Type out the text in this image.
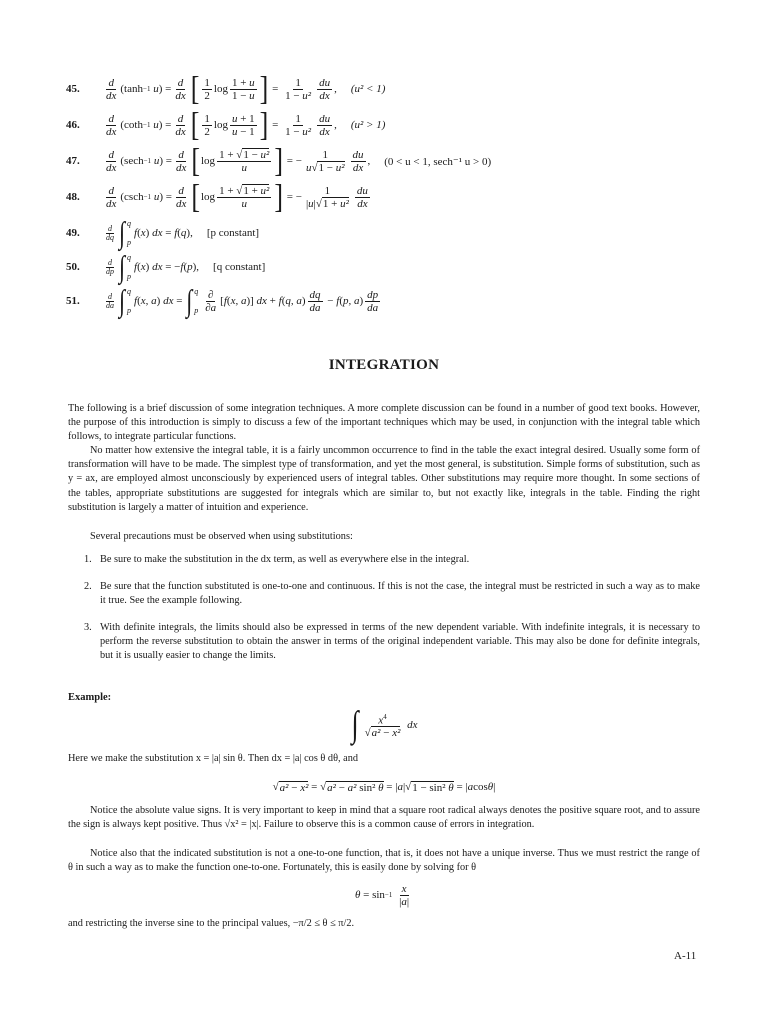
45. $\frac{d}{dx} (\tanh -1$ u ) = $\frac{d}{dx}$ [ $\frac{1}{2}$ $\log \frac{1 + u}{1 - u}$ ] = $\frac{1}{\text{1 − u²}} \frac{du}{dx}$ , (u² < 1)
46. $\frac{d}{dx} (\cot h -1$ u ) = $\frac{d}{dx}$ [ $\frac{1}{2}$ $\log \frac{u + 1}{u - 1}$ ] = $\frac{1}{\text{1 − u²}} \frac{du}{dx}$ , (u² > 1)
47. $\frac{d}{dx} (\sec h -1$ u ) = $\frac{d}{dx}$ [ $\log \frac{\text{1 + √1 − u²}}{u}$ ] = − $\frac{1}{\text{u√1 − u²}} \frac{du}{dx}$ , (0 < u < 1, sech⁻¹ u > 0)
48. $\frac{d}{dx} (\csc h -1$ u ) = $\frac{d}{dx}$ [ $\log \frac{\text{1 + √1 + u²}}{u}$ ] = − $\frac{1}{\text{|u|√1 + u²}} \frac{du}{dx}$
49.	$\frac{d}{dq}$ ∫ q
p
f ( x ) dx = f ( q ), [p constant]
50.	$\frac{d}{dp}$ ∫ q
p
f ( x ) dx = − f ( p ), [q constant]
51.	$\frac{d}{da}$ ∫ q
p
f ( x, a ) dx = ∫ q
p $\frac{\partial}{\partial a}$ [ f ( x, a )] dx + f ( q, a ) $\frac{dq}{da} - f$ ( p, a ) $\frac{dp}{da}$
INTEGRATION
The following is a brief discussion of some integration techniques. A more complete discussion can be found in a number of good text books. However, the purpose of this introduction is simply to discuss a few of the important techniques which may be used, in conjunction with the integral table which follows, to integrate particular functions.
No matter how extensive the integral table, it is a fairly uncommon occurrence to find in the table the exact integral desired. Usually some form of transformation will have to be made. The simplest type of transformation, and yet the most general, is substitution. Simple forms of substitution, such as y = ax, are employed almost unconsciously by experienced users of integral tables. Other substitutions may require more thought. In some sections of the tables, appropriate substitutions are suggested for integrals which are similar to, but not exactly like, integrals in the table. Finding the right substitution is largely a matter of intuition and experience.
Several precautions must be observed when using substitutions:
1. Be sure to make the substitution in the dx term, as well as everywhere else in the integral.
2. Be sure that the function substituted is one-to-one and continuous. If this is not the case, the integral must be restricted in such a way as to make it true. See the example following.
3. With definite integrals, the limits should also be expressed in terms of the new dependent variable. With indefinite integrals, it is necessary to perform the reverse substitution to obtain the answer in terms of the original independent variable. This may also be done for definite integrals, but it is usually easier to change the limits.
Example:
∫ $\frac{x^4}{\text{√a² − x²}}$ dx
Here we make the substitution x = |a| sin θ. Then dx = |a| cos θ dθ, and
√ a² − x² = √ a² − a² sin² θ = | a |√ 1 − sin² θ = | a cos θ |
Notice the absolute value signs. It is very important to keep in mind that a square root radical always denotes the positive square root, and to assure the sign is always kept positive. Thus √x² = |x|. Failure to observe this is a common cause of errors in integration.
Notice also that the indicated substitution is not a one-to-one function, that is, it does not have a unique inverse. Thus we must restrict the range of θ in such a way as to make the function one-to-one. Fortunately, this is easily done by solving for θ
θ = sin −1
$\frac{x}{|a|}$
and restricting the inverse sine to the principal values, −π/2 ≤ θ ≤ π/2.
A-11
